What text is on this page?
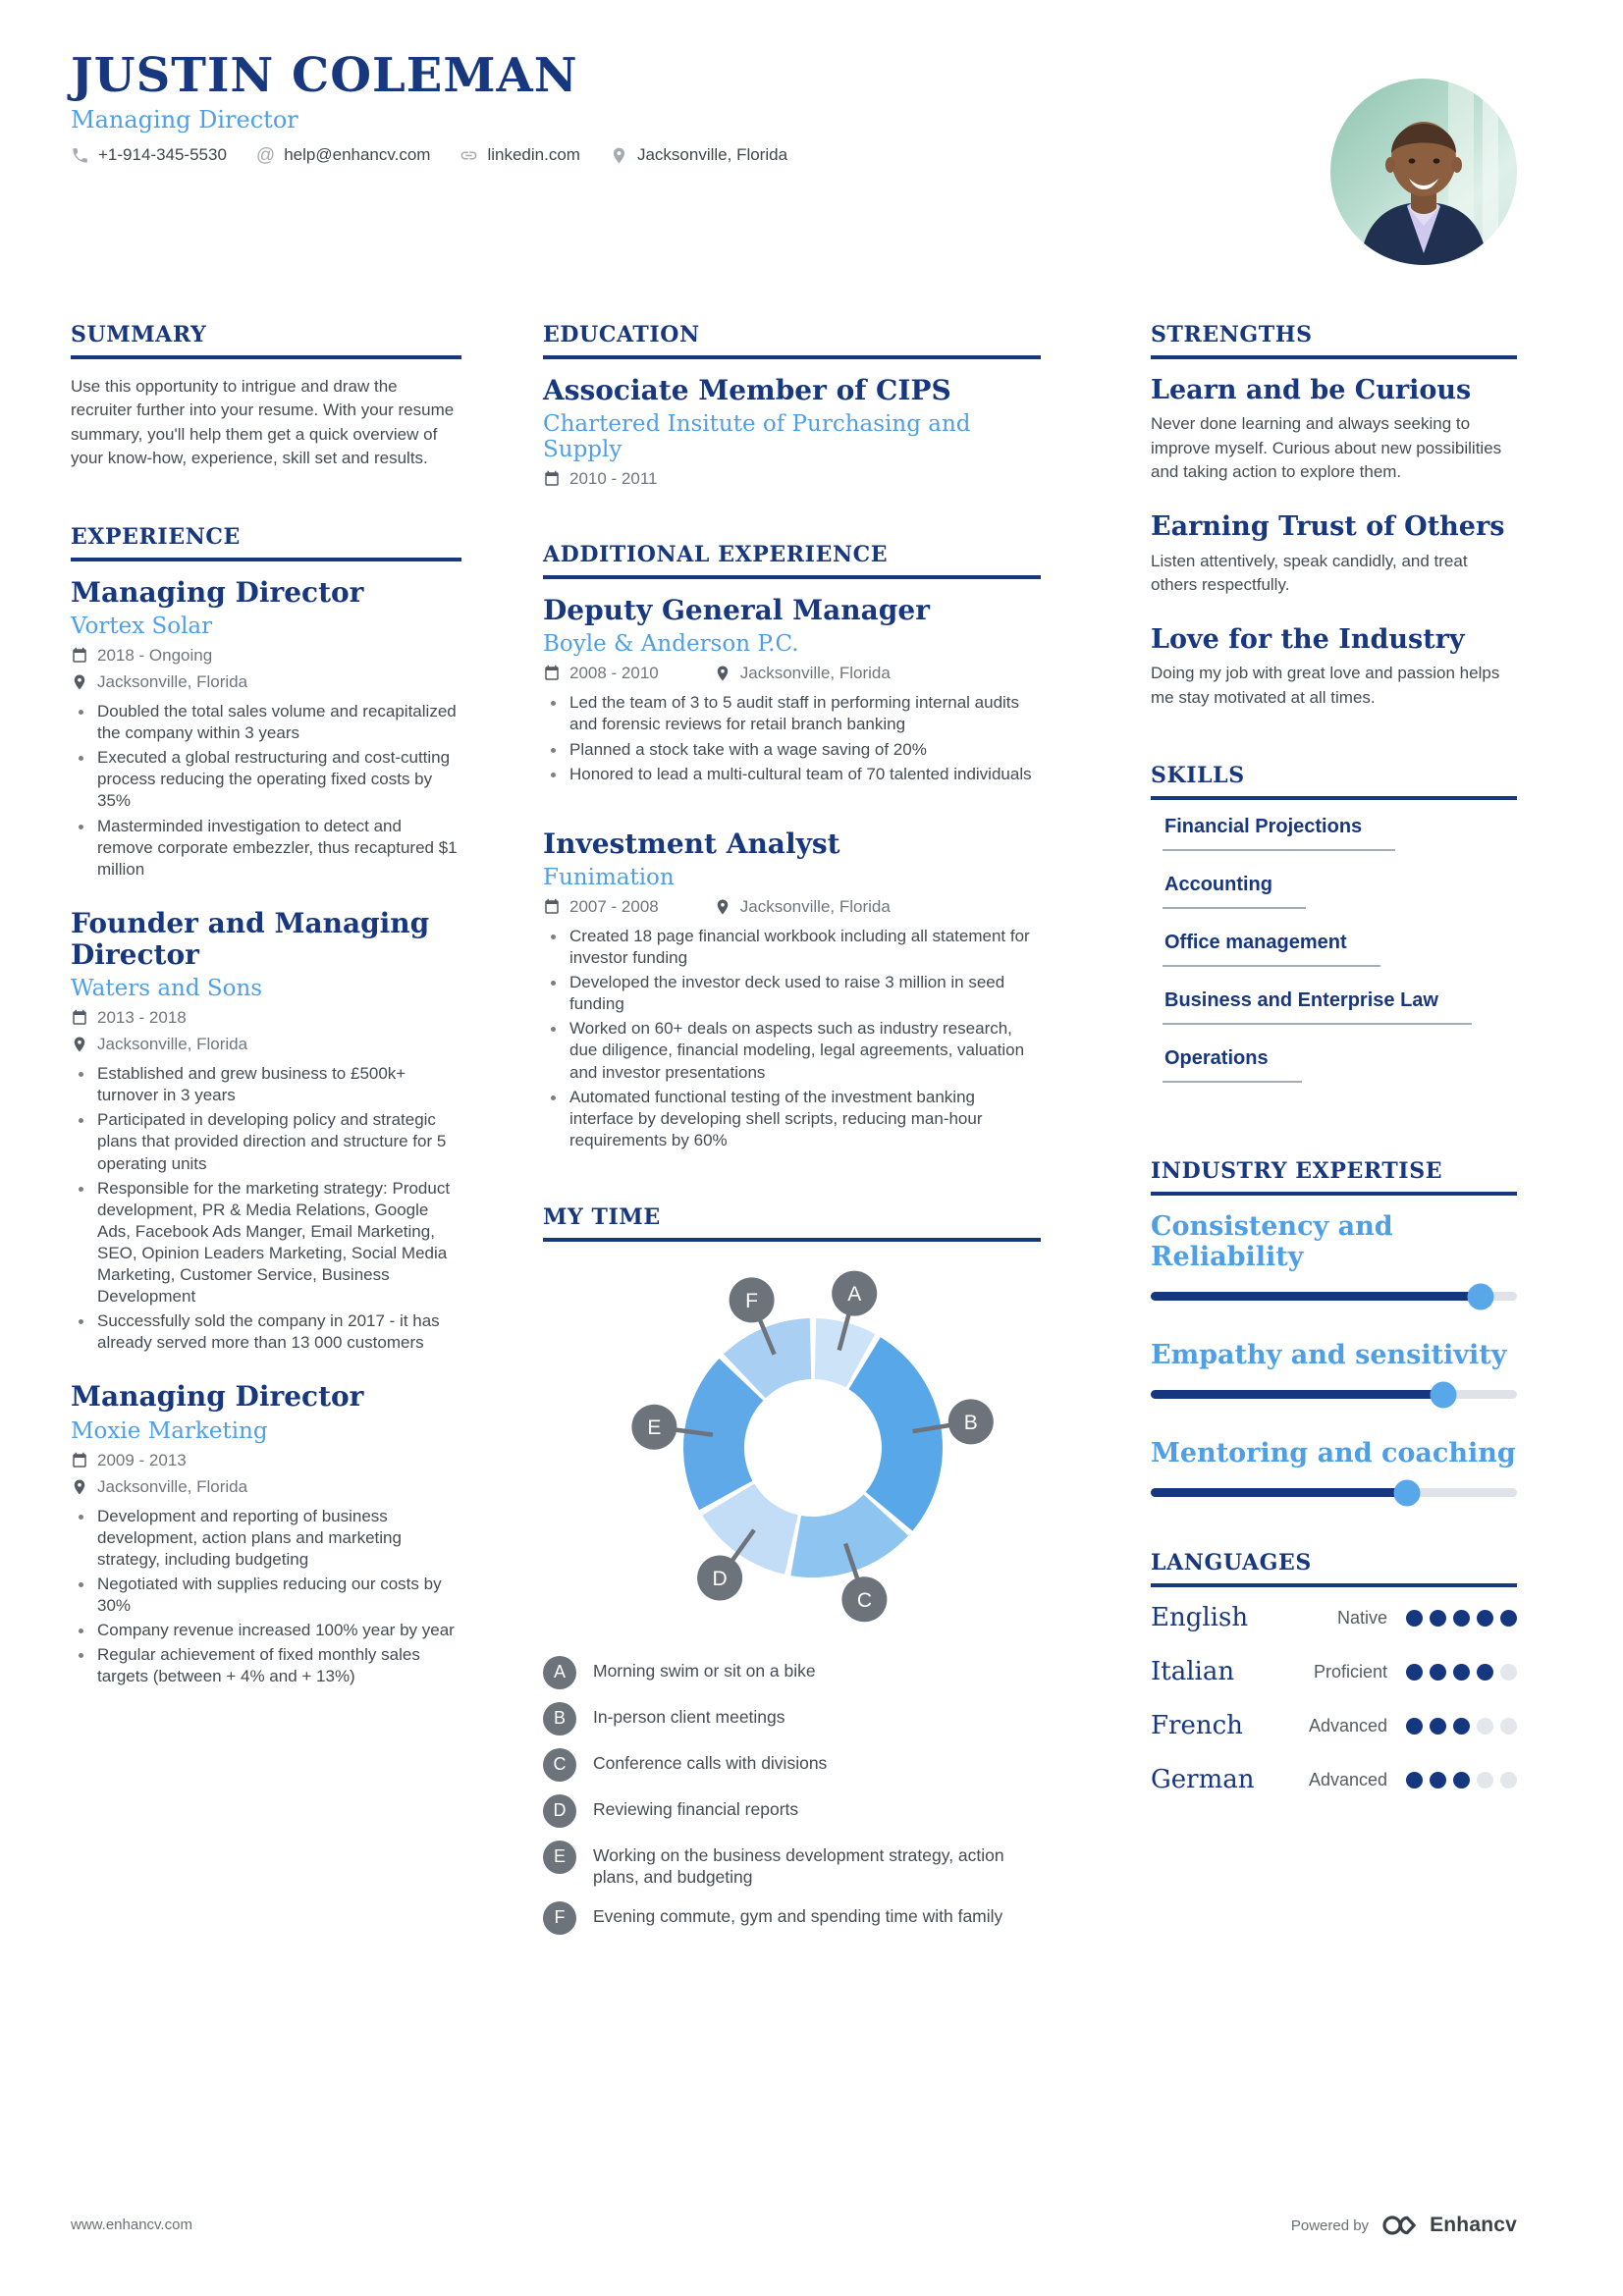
JUSTIN COLEMAN
Managing Director
+1-914-345-5530 @ help@enhancv.com	linkedin.com	Jacksonville, Florida
SUMMARY

Use this opportunity to intrigue and draw the recruiter further into your resume. With your resume summary, you'll help them get a quick overview of your know-how, experience, skill set and results.

EXPERIENCE
Managing Director
Vortex Solar
2018 - Ongoing
Jacksonville, Florida
Doubled the total sales volume and recapitalized the company within 3 years
Executed a global restructuring and cost-cutting process reducing the operating fixed costs by 35%
Masterminded investigation to detect and remove corporate embezzler, thus recaptured $1 million
Founder and Managing Director
Waters and Sons
2013 - 2018
Jacksonville, Florida
Established and grew business to £500k+ turnover in 3 years
Participated in developing policy and strategic plans that provided direction and structure for 5 operating units
Responsible for the marketing strategy: Product development, PR & Media Relations, Google Ads, Facebook Ads Manger, Email Marketing, SEO, Opinion Leaders Marketing, Social Media Marketing, Customer Service, Business Development
Successfully sold the company in 2017 - it has already served more than 13 000 customers
Managing Director
Moxie Marketing
2009 - 2013
Jacksonville, Florida
Development and reporting of business development, action plans and marketing strategy, including budgeting
Negotiated with supplies reducing our costs by 30%
Company revenue increased 100% year by year
Regular achievement of fixed monthly sales targets (between + 4% and + 13%)
EDUCATION
Associate Member of CIPS
Chartered Insitute of Purchasing and Supply
2010 - 2011
ADDITIONAL EXPERIENCE
Deputy General Manager
Boyle & Anderson P.C.
2008 - 2010	Jacksonville, Florida
Led the team of 3 to 5 audit staff in performing internal audits and forensic reviews for retail branch banking
Planned a stock take with a wage saving of 20%
Honored to lead a multi-cultural team of 70 talented individuals
Investment Analyst
Funimation
2007 - 2008	Jacksonville, Florida
Created 18 page financial workbook including all statement for investor funding
Developed the investor deck used to raise 3 million in seed funding
Worked on 60+ deals on aspects such as industry research, due diligence, financial modeling, legal agreements, valuation and investor presentations
Automated functional testing of the investment banking interface by developing shell scripts, reducing man-hour requirements by 60%
MY TIME
A
B
C
D
E
F
A	Morning swim or sit on a bike
B	In-person client meetings
C	Conference calls with divisions
D	Reviewing financial reports
E	Working on the business development strategy, action plans, and budgeting
F	Evening commute, gym and spending time with family
STRENGTHS
Learn and be Curious

Never done learning and always seeking to improve myself. Curious about new possibilities and taking action to explore them.

Earning Trust of Others

Listen attentively, speak candidly, and treat others respectfully.

Love for the Industry

Doing my job with great love and passion helps me stay motivated at all times.

SKILLS
Financial Projections
Accounting
Office management
Business and Enterprise Law
Operations
INDUSTRY EXPERTISE
Consistency and Reliability
Empathy and sensitivity
Mentoring and coaching
LANGUAGES
English	Native
Italian	Proficient
French	Advanced
German	Advanced
www.enhancv.com	Powered by	Enhancv
